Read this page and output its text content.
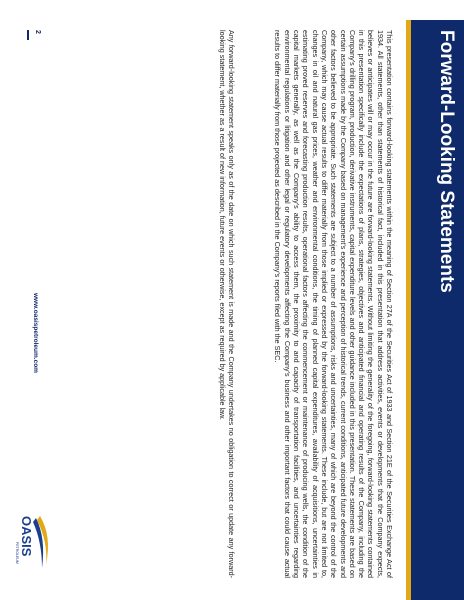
Forward-Looking Statements

This presentation contains forward-looking statements within the meaning of Section 27A of the Securities Act of 1933 and Section 21E of the Securities Exchange Act of 1934. All statements, other than statements of historical fact, included in this presentation that address activities, events or developments that the Company expects, believes or anticipates will or may occur in the future are forward-looking statements. Without limiting the generality of the foregoing, forward-looking statements contained in this presentation specifically include the expectations of plans, strategies, objectives and anticipated financial and operating results of the Company, including the Company's drilling program, production, derivative instruments, capital expenditure levels and other guidance included in this presentation. These statements are based on certain assumptions made by the Company based on management's experience and perception of historical trends, current conditions, anticipated future developments and other factors believed to be appropriate. Such statements are subject to a number of assumptions, risks and uncertainties, many of which are beyond the control of the Company, which may cause actual results to differ materially from those implied or expressed by the forward-looking statements. These include, but are not limited to, changes in oil and natural gas prices, weather and environmental conditions, the timing of planned capital expenditures, availability of acquisitions, uncertainties in estimating proved reserves and forecasting production results, operational factors affecting the commencement or maintenance of producing wells, the condition of the capital markets generally, as well as the Company's ability to access them, the proximity to and capacity of transportation facilities, and uncertainties regarding environmental regulations or litigation and other legal or regulatory developments affecting the Company's business and other important factors that could cause actual results to differ materially from those projected as described in the Company's reports filed with the SEC.

Any forward-looking statement speaks only as of the date on which such statement is made and the Company undertakes no obligation to correct or update any forward-looking statement, whether as a result of new information, future events or otherwise, except as required by applicable law.

2
www.oasispetroleum.com
OASIS
PETROLEUM
